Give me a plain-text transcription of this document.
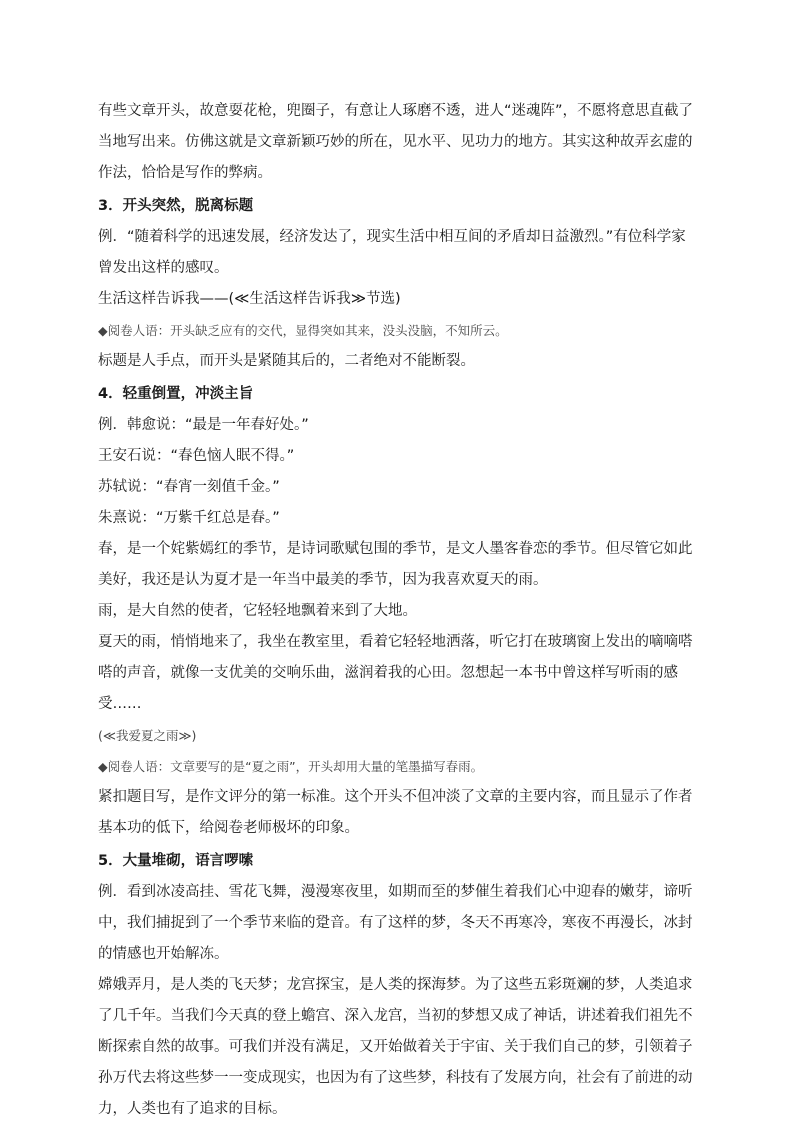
有些文章开头，故意耍花枪，兜圈子，有意让人琢磨不透，进人“迷魂阵”，不愿将意思直截了当地写出来。仿佛这就是文章新颖巧妙的所在，见水平、见功力的地方。其实这种故弄玄虚的作法，恰恰是写作的弊病。

3．开头突然，脱离标题

例．“随着科学的迅速发展，经济发达了，现实生活中相互间的矛盾却日益激烈。”有位科学家曾发出这样的感叹。

生活这样告诉我——(≪生活这样告诉我≫节选)

◆阅卷人语：开头缺乏应有的交代，显得突如其来，没头没脑，不知所云。

标题是人手点，而开头是紧随其后的，二者绝对不能断裂。

4．轻重倒置，冲淡主旨

例．韩愈说：“最是一年春好处。”

王安石说：“春色恼人眠不得。”

苏轼说：“春宵一刻值千金。”

朱熹说：“万紫千红总是春。”

春，是一个姹紫嫣红的季节，是诗词歌赋包围的季节，是文人墨客眷恋的季节。但尽管它如此美好，我还是认为夏才是一年当中最美的季节，因为我喜欢夏天的雨。

雨，是大自然的使者，它轻轻地飘着来到了大地。

夏天的雨，悄悄地来了，我坐在教室里，看着它轻轻地洒落，听它打在玻璃窗上发出的嘀嘀嗒嗒的声音，就像一支优美的交响乐曲，滋润着我的心田。忽想起一本书中曾这样写听雨的感受……

(≪我爱夏之雨≫)

◆阅卷人语：文章要写的是“夏之雨”，开头却用大量的笔墨描写春雨。

紧扣题目写，是作文评分的第一标准。这个开头不但冲淡了文章的主要内容，而且显示了作者基本功的低下，给阅卷老师极坏的印象。

5．大量堆砌，语言啰嗦

例．看到冰凌高挂、雪花飞舞，漫漫寒夜里，如期而至的梦催生着我们心中迎春的嫩芽，谛听中，我们捕捉到了一个季节来临的跫音。有了这样的梦，冬天不再寒冷，寒夜不再漫长，冰封的情感也开始解冻。

嫦娥弄月，是人类的飞天梦；龙宫探宝，是人类的探海梦。为了这些五彩斑斓的梦，人类追求了几千年。当我们今天真的登上蟾宫、深入龙宫，当初的梦想又成了神话，讲述着我们祖先不断探索自然的故事。可我们并没有满足，又开始做着关于宇宙、关于我们自己的梦，引领着子孙万代去将这些梦一一变成现实，也因为有了这些梦，科技有了发展方向，社会有了前进的动力，人类也有了追求的目标。
